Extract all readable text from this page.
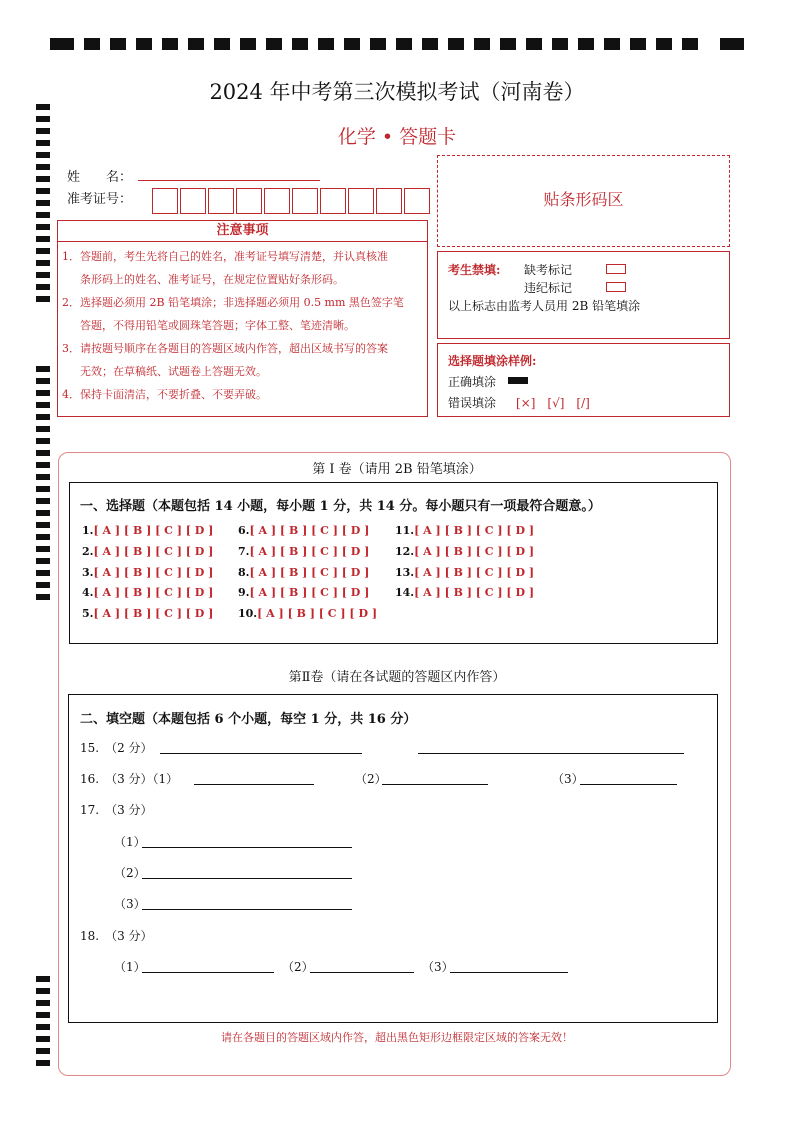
2024 年中考第三次模拟考试（河南卷）
化学 • 答题卡
姓　　名：
准考证号：	贴条形码区
注意事项

1．答题前，考生先将自己的姓名，准考证号填写清楚，并认真核准

条形码上的姓名、准考证号，在规定位置贴好条形码。

2．选择题必须用 2B 铅笔填涂；非选择题必须用 0.5 mm 黑色签字笔

答题，不得用铅笔或圆珠笔答题；字体工整、笔迹清晰。

3．请按题号顺序在各题目的答题区域内作答，超出区域书写的答案

无效；在草稿纸、试题卷上答题无效。

4．保持卡面清洁，不要折叠、不要弄破。

考生禁填: 缺考标记
违纪标记
以上标志由监考人员用 2B 铅笔填涂
选择题填涂样例:
正确填涂
错误填涂 [×]　[√]　[/]
第 I 卷（请用 2B 铅笔填涂）
一、选择题（本题包括 14 小题，每小题 1 分，共 14 分。每小题只有一项最符合题意。）
1.[ A ] [ B ] [ C ] [ D ]
2.[ A ] [ B ] [ C ] [ D ]
3.[ A ] [ B ] [ C ] [ D ]
4.[ A ] [ B ] [ C ] [ D ]
5.[ A ] [ B ] [ C ] [ D ]
6.[ A ] [ B ] [ C ] [ D ]
7.[ A ] [ B ] [ C ] [ D ]
8.[ A ] [ B ] [ C ] [ D ]
9.[ A ] [ B ] [ C ] [ D ]
10.[ A ] [ B ] [ C ] [ D ]
11.[ A ] [ B ] [ C ] [ D ]
12.[ A ] [ B ] [ C ] [ D ]
13.[ A ] [ B ] [ C ] [ D ]
14.[ A ] [ B ] [ C ] [ D ]
第Ⅱ卷（请在各试题的答题区内作答）
二、填空题（本题包括 6 个小题，每空 1 分，共 16 分）
15.　（2 分）
16.　（3 分）（1）	（2）	（3）
17.　（3 分）
（1）
（2）
（3）
18.　（3 分）
（1）	（2）	（3）
请在各题目的答题区域内作答，超出黑色矩形边框限定区域的答案无效！
